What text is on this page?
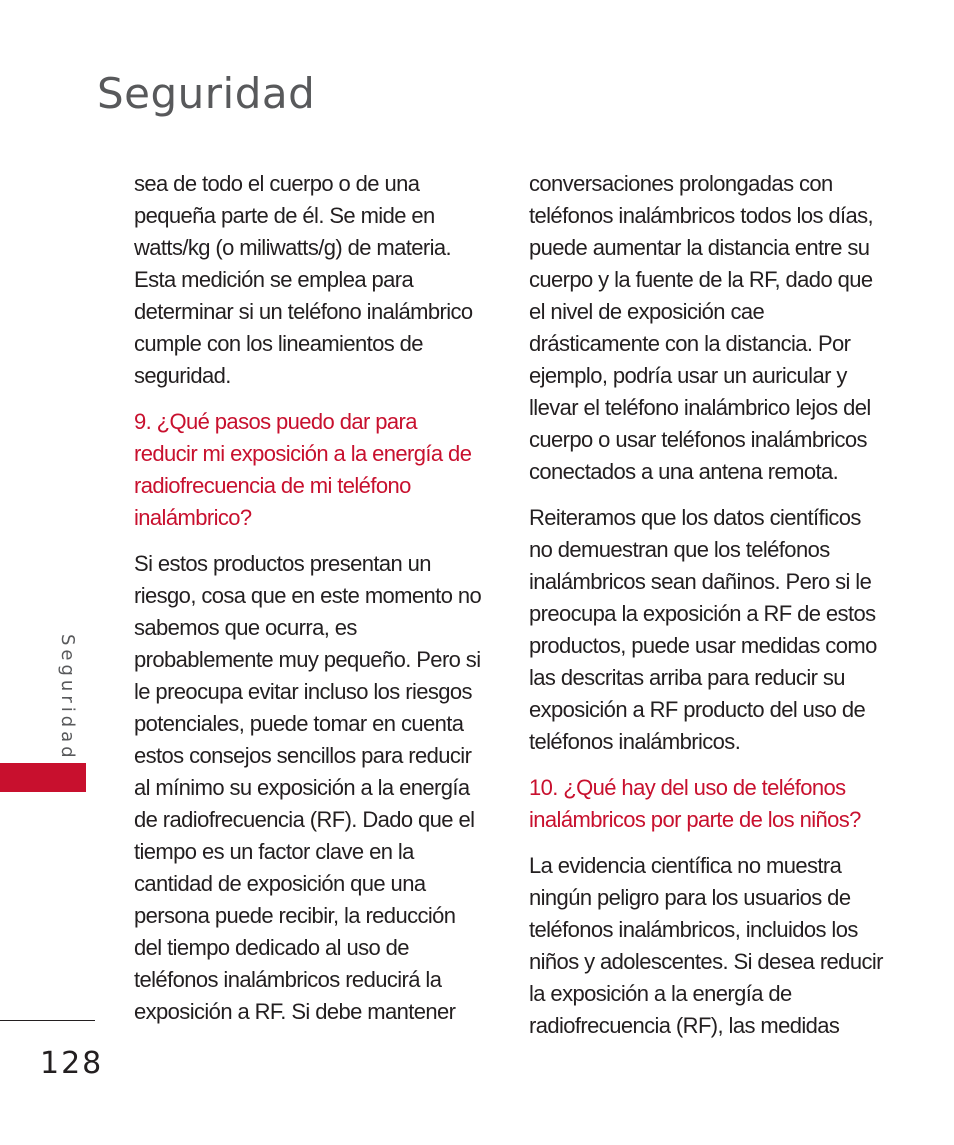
Seguridad

sea de todo el cuerpo o de una
pequeña parte de él. Se mide en
watts/kg (o miliwatts/g) de materia.
Esta medición se emplea para
determinar si un teléfono inalámbrico
cumple con los lineamientos de
seguridad.

9. ¿Qué pasos puedo dar para
reducir mi exposición a la energía de
radiofrecuencia de mi teléfono
inalámbrico?

Si estos productos presentan un
riesgo, cosa que en este momento no
sabemos que ocurra, es
probablemente muy pequeño. Pero si
le preocupa evitar incluso los riesgos
potenciales, puede tomar en cuenta
estos consejos sencillos para reducir
al mínimo su exposición a la energía
de radiofrecuencia (RF). Dado que el
tiempo es un factor clave en la
cantidad de exposición que una
persona puede recibir, la reducción
del tiempo dedicado al uso de
teléfonos inalámbricos reducirá la
exposición a RF. Si debe mantener

conversaciones prolongadas con
teléfonos inalámbricos todos los días,
puede aumentar la distancia entre su
cuerpo y la fuente de la RF, dado que
el nivel de exposición cae
drásticamente con la distancia. Por
ejemplo, podría usar un auricular y
llevar el teléfono inalámbrico lejos del
cuerpo o usar teléfonos inalámbricos
conectados a una antena remota.

Reiteramos que los datos científicos
no demuestran que los teléfonos
inalámbricos sean dañinos. Pero si le
preocupa la exposición a RF de estos
productos, puede usar medidas como
las descritas arriba para reducir su
exposición a RF producto del uso de
teléfonos inalámbricos.

10. ¿Qué hay del uso de teléfonos
inalámbricos por parte de los niños?

La evidencia científica no muestra
ningún peligro para los usuarios de
teléfonos inalámbricos, incluidos los
niños y adolescentes. Si desea reducir
la exposición a la energía de
radiofrecuencia (RF), las medidas

Seguridad
128
